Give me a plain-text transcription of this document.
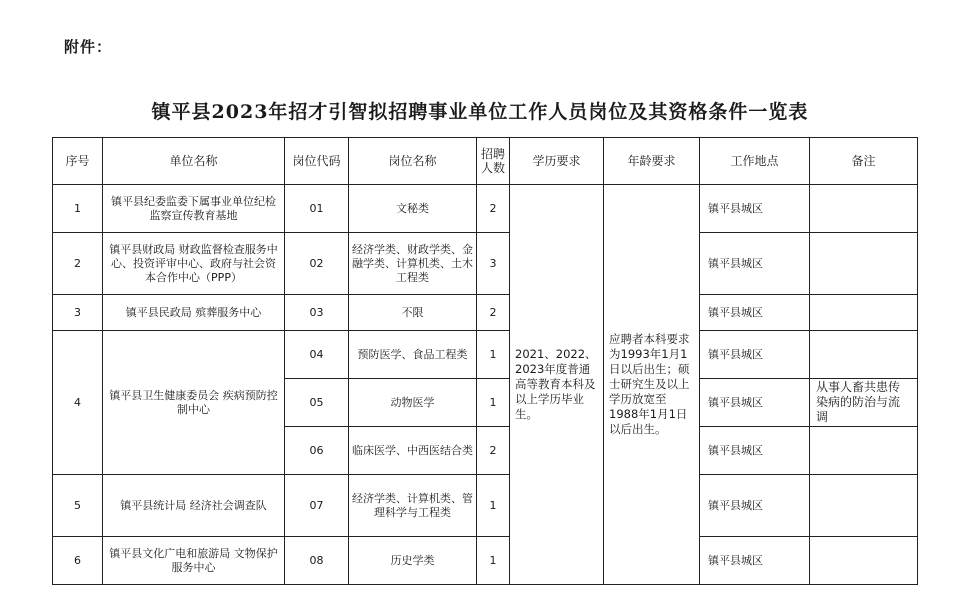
附件：
镇平县2023年招才引智拟招聘事业单位工作人员岗位及其资格条件一览表
序号	单位名称	岗位代码	岗位名称	招聘人数	学历要求	年龄要求	工作地点	备注
1	镇平县纪委监委下属事业单位纪检监察宣传教育基地	01	文秘类	2	2021、2022、2023年度普通高等教育本科及以上学历毕业生。	应聘者本科要求为1993年1月1日以后出生；硕士研究生及以上学历放宽至1988年1月1日以后出生。	镇平县城区	
2	镇平县财政局 财政监督检查服务中心、投资评审中心、政府与社会资本合作中心（PPP）	02	经济学类、财政学类、金融学类、计算机类、土木工程类	3			镇平县城区	
3	镇平县民政局 殡葬服务中心	03	不限	2			镇平县城区	
4	镇平县卫生健康委员会 疾病预防控制中心	04	预防医学、食品工程类	1			镇平县城区	
		05	动物医学	1			镇平县城区	从事人畜共患传染病的防治与流调
		06	临床医学、中西医结合类	2			镇平县城区	
5	镇平县统计局 经济社会调查队	07	经济学类、计算机类、管理科学与工程类	1			镇平县城区	
6	镇平县文化广电和旅游局 文物保护服务中心	08	历史学类	1			镇平县城区	
